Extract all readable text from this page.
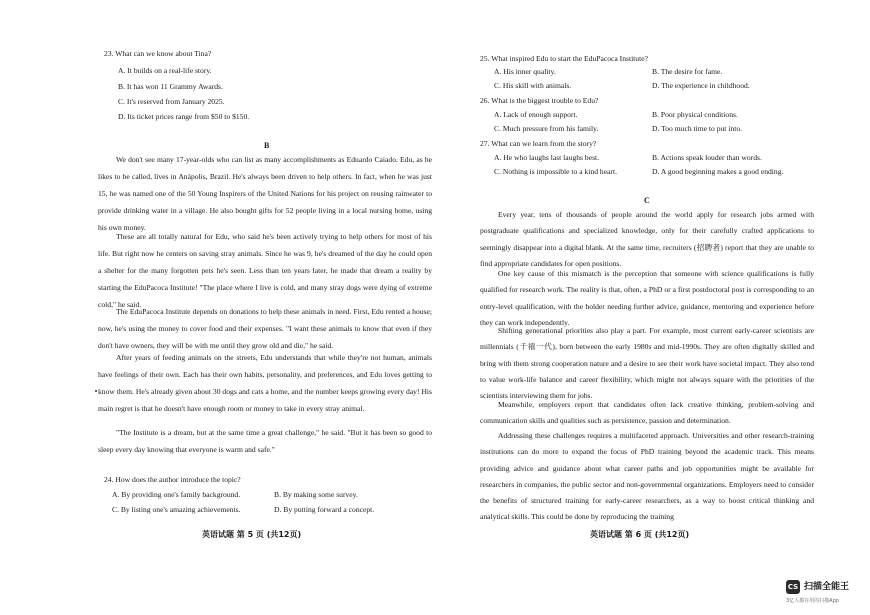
23. What can we know about Tina?
A. It builds on a real-life story.
B. It has won 11 Grammy Awards.
C. It's reserved from January 2025.
D. Its ticket prices range from $50 to $150.
B
We don't see many 17-year-olds who can list as many accomplishments as Eduardo Caiado. Edu, as he likes to be called, lives in Anápolis, Brazil. He's always been driven to help others. In fact, when he was just 15, he was named one of the 50 Young Inspirers of the United Nations for his project on reusing rainwater to provide drinking water in a village. He also bought gifts for 52 people living in a local nursing home, using his own money.
These are all totally natural for Edu, who said he's been actively trying to help others for most of his life. But right now he centers on saving stray animals. Since he was 9, he's dreamed of the day he could open a shelter for the many forgotten pets he's seen. Less than ten years later, he made that dream a reality by starting the EduPacoca Institute! "The place where I live is cold, and many stray dogs were dying of extreme cold," he said.
The EduPacoca Institute depends on donations to help these animals in need. First, Edu rented a house; now, he's using the money to cover food and their expenses. "I want these animals to know that even if they don't have owners, they will be with me until they grow old and die," he said.
After years of feeding animals on the streets, Edu understands that while they're not human, animals have feelings of their own. Each has their own habits, personality, and preferences, and Edu loves getting to know them. He's already given about 30 dogs and cats a home, and the number keeps growing every day! His main regret is that he doesn't have enough room or money to take in every stray animal.
"The Institute is a dream, but at the same time a great challenge," he said. "But it has been so good to sleep every day knowing that everyone is warm and safe."
24. How does the author introduce the topic?
A. By providing one's family background.	B. By making some survey.
C. By listing one's amazing achievements.	D. By putting forward a concept.
英语试题 第 5 页 (共12页)
25. What inspired Edu to start the EduPacoca Institute?
A. His inner quality.	B. The desire for fame.
C. His skill with animals.	D. The experience in childhood.
26. What is the biggest trouble to Edu?
A. Lack of enough support.	B. Poor physical conditions.
C. Much pressure from his family.	D. Too much time to put into.
27. What can we learn from the story?
A. He who laughs last laughs best.	B. Actions speak louder than words.
C. Nothing is impossible to a kind heart.	D. A good beginning makes a good ending.
C
Every year, tens of thousands of people around the world apply for research jobs armed with postgraduate qualifications and specialized knowledge, only for their carefully crafted applications to seemingly disappear into a digital blank. At the same time, recruiters (招聘者) report that they are unable to find appropriate candidates for open positions.
One key cause of this mismatch is the perception that someone with science qualifications is fully qualified for research work. The reality is that, often, a PhD or a first postdoctoral post is corresponding to an entry-level qualification, with the holder needing further advice, guidance, mentoring and experience before they can work independently.
Shifting generational priorities also play a part. For example, most current early-career scientists are millennials (千禧一代), born between the early 1980s and mid-1990s. They are often digitally skilled and bring with them strong cooperation nature and a desire to see their work have societal impact. They also tend to value work-life balance and career flexibility, which might not always square with the priorities of the scientists interviewing them for jobs.
Meanwhile, employers report that candidates often lack creative thinking, problem-solving and communication skills and qualities such as persistence, passion and determination.
Addressing these challenges requires a multifaceted approach. Universities and other research-training institutions can do more to expand the focus of PhD training beyond the academic track. This means providing advice and guidance about what career paths and job opportunities might be available for researchers in companies, the public sector and non-governmental organizations. Employers need to consider the benefits of structured training for early-career researchers, as a way to boost critical thinking and analytical skills. This could be done by reproducing the training
英语试题 第 6 页 (共12页)
CS 扫描全能王
3亿人都在用的扫描App
